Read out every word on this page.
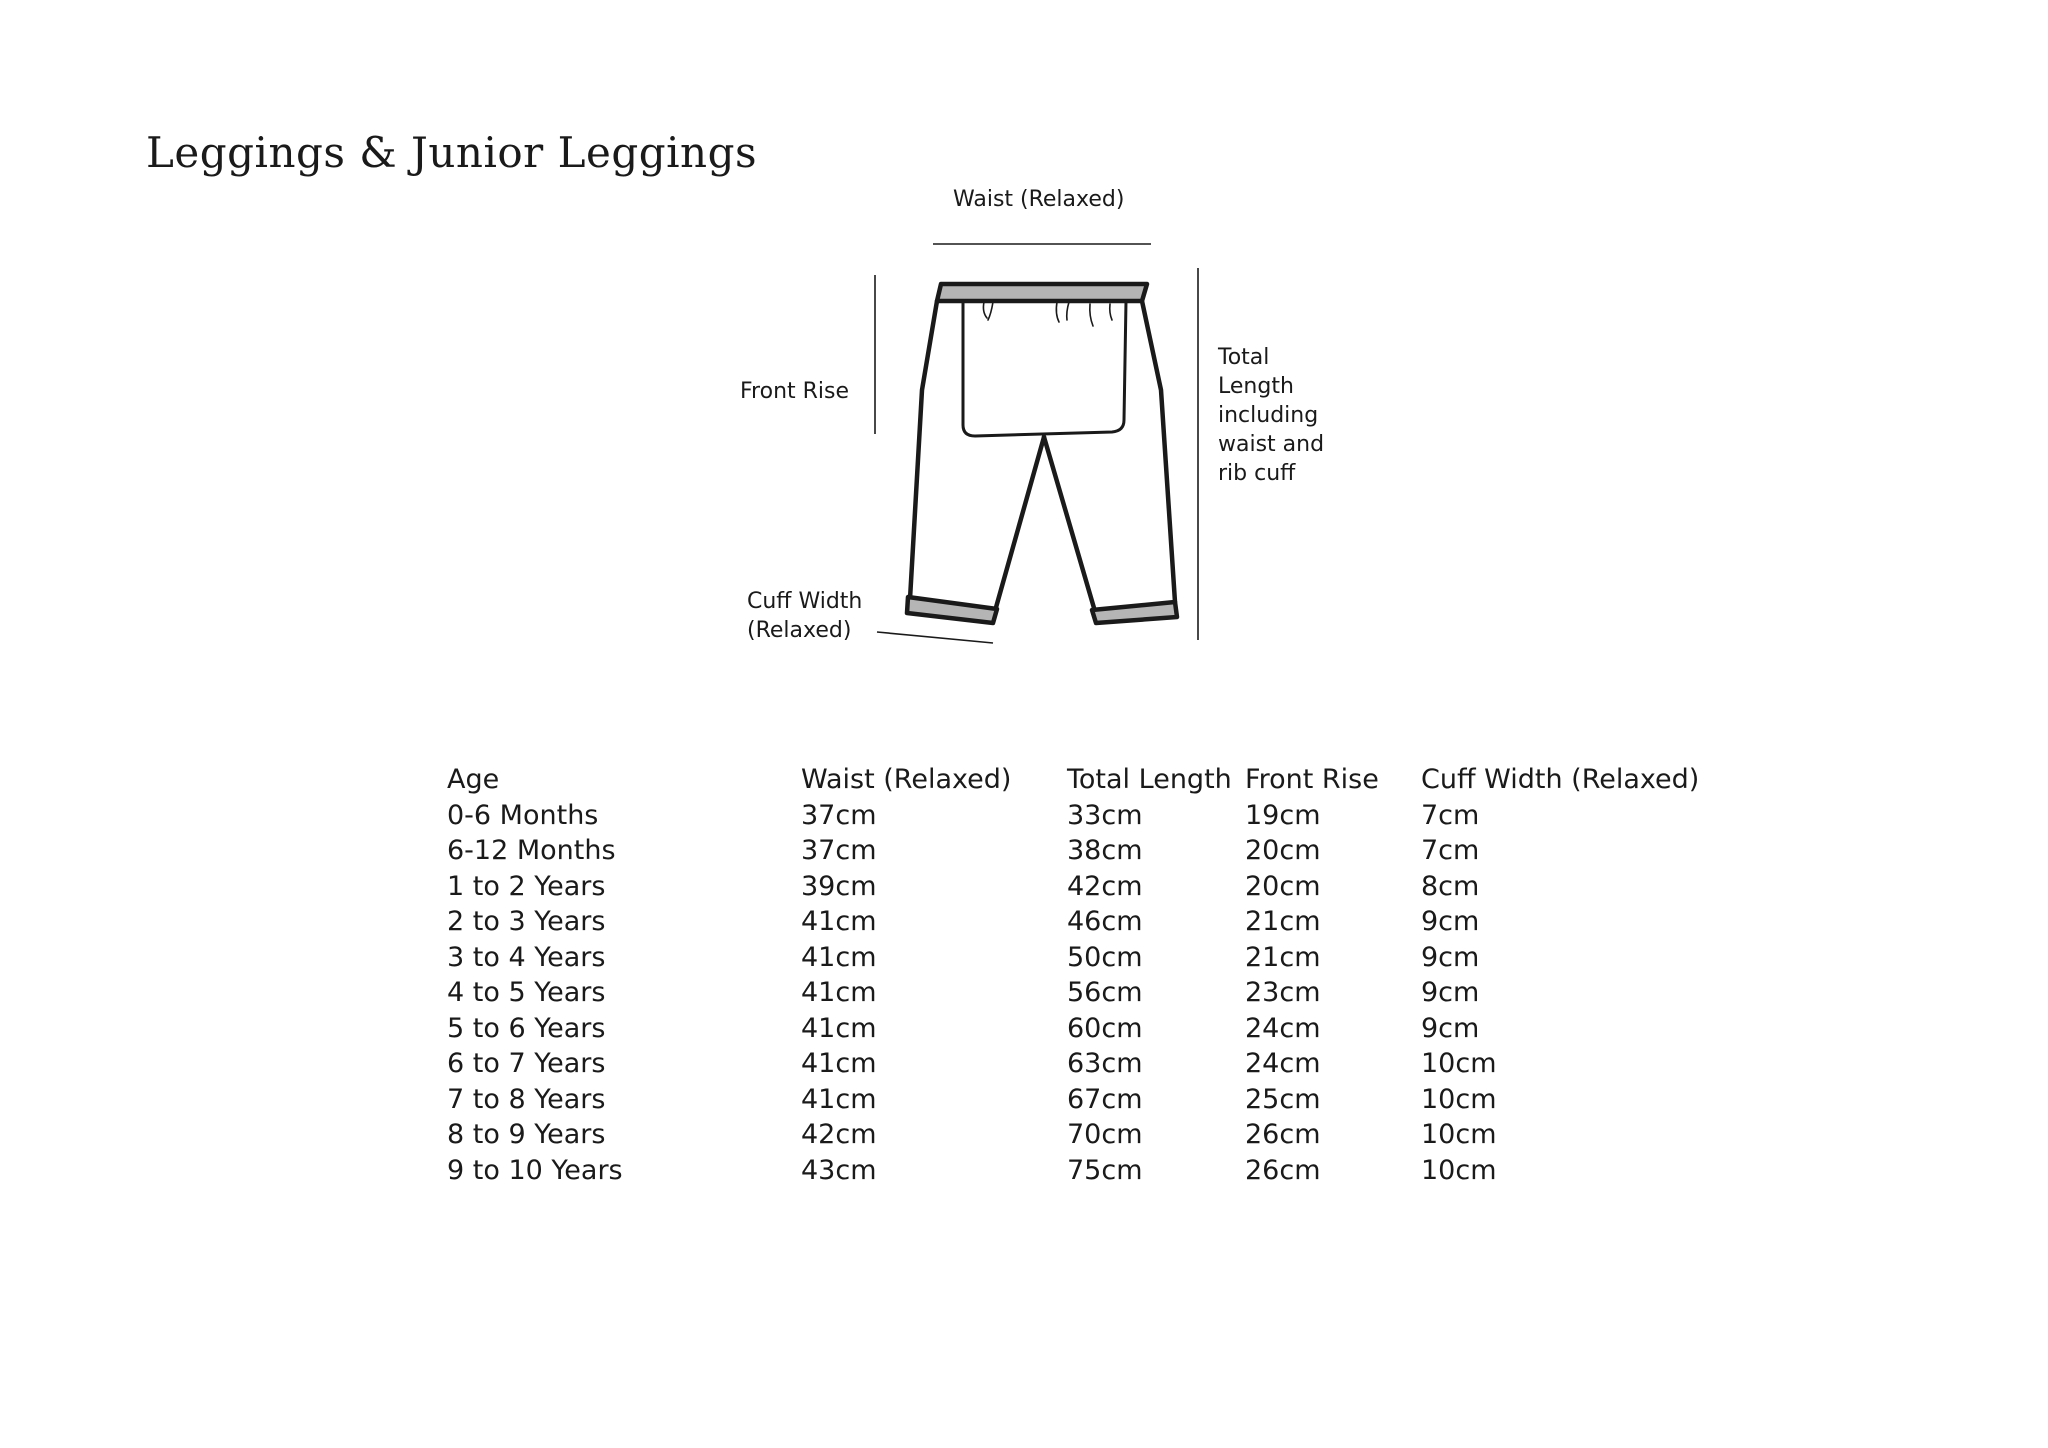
Leggings & Junior Leggings
Waist (Relaxed)
Front Rise
Total Length including waist and rib cuff
Cuff Width (Relaxed)
Age	Waist (Relaxed)	Total Length	Front Rise	Cuff Width (Relaxed)
0-6 Months	37cm	33cm	19cm	7cm
6-12 Months	37cm	38cm	20cm	7cm
1 to 2 Years	39cm	42cm	20cm	8cm
2 to 3 Years	41cm	46cm	21cm	9cm
3 to 4 Years	41cm	50cm	21cm	9cm
4 to 5 Years	41cm	56cm	23cm	9cm
5 to 6 Years	41cm	60cm	24cm	9cm
6 to 7 Years	41cm	63cm	24cm	10cm
7 to 8 Years	41cm	67cm	25cm	10cm
8 to 9 Years	42cm	70cm	26cm	10cm
9 to 10 Years	43cm	75cm	26cm	10cm
